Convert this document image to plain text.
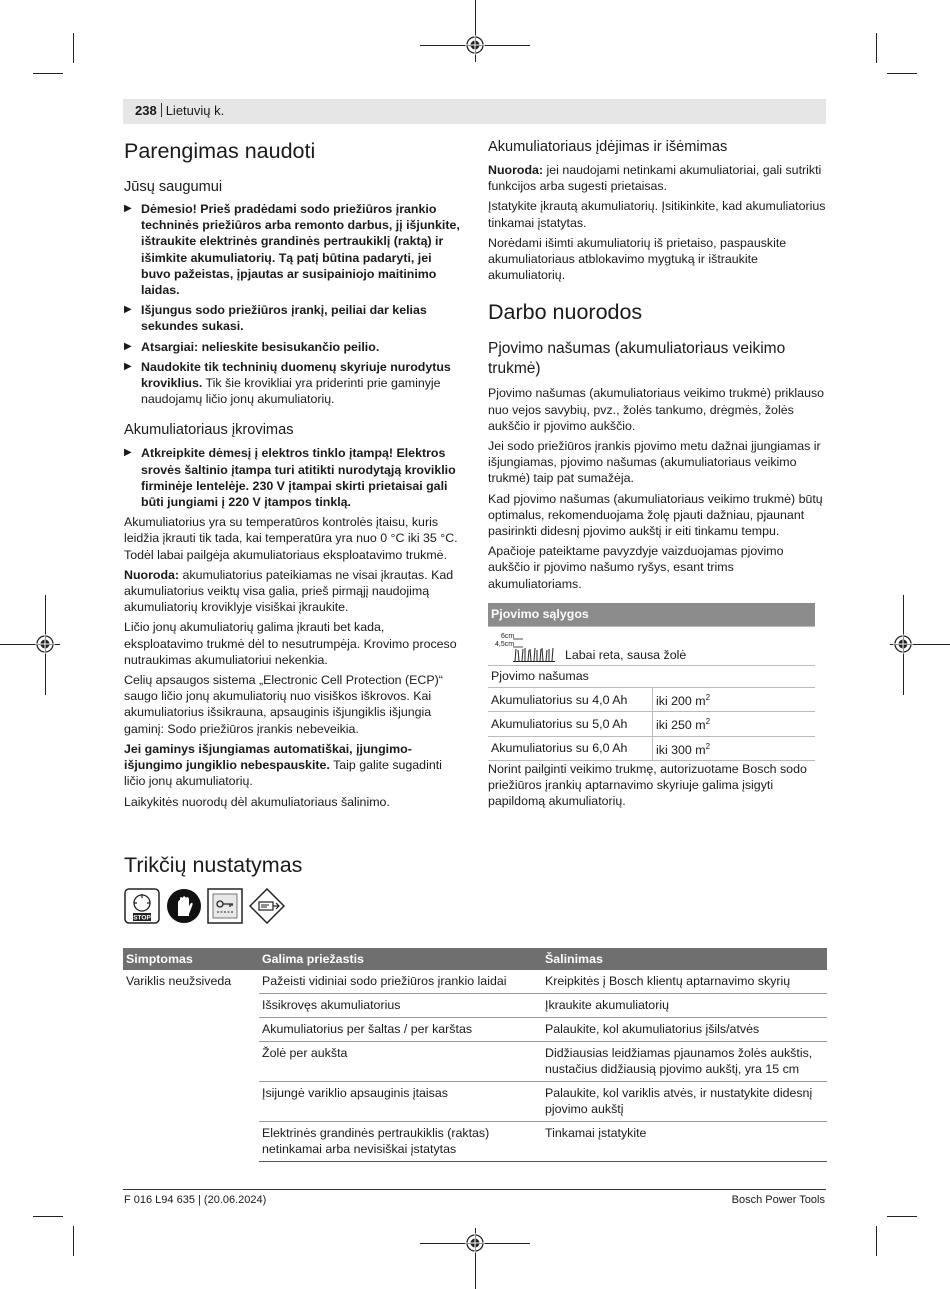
238 Lietuvių k.
Parengimas naudoti
Jūsų saugumui
▶ Dėmesio! Prieš pradėdami sodo priežiūros įrankio techninės priežiūros arba remonto darbus, jį išjunkite, ištraukite elektrinės grandinės pertraukiklį (raktą) ir išimkite akumuliatorių. Tą patį būtina padaryti, jei buvo pažeistas, įpjautas ar susipainiojo maitinimo laidas.
▶ Išjungus sodo priežiūros įrankį, peiliai dar kelias sekundes sukasi.
▶ Atsargiai: nelieskite besisukančio peilio.
▶ Naudokite tik techninių duomenų skyriuje nurodytus kroviklius. Tik šie krovikliai yra priderinti prie gaminyje naudojamų ličio jonų akumuliatorių.
Akumuliatoriaus įkrovimas
▶ Atkreipkite dėmesį į elektros tinklo įtampą! Elektros srovės šaltinio įtampa turi atitikti nurodytąją kroviklio firminėje lentelėje. 230 V įtampai skirti prietaisai gali būti jungiami į 220 V įtampos tinklą.

Akumuliatorius yra su temperatūros kontrolės įtaisu, kuris leidžia įkrauti tik tada, kai temperatūra yra nuo 0 °C iki 35 °C. Todėl labai pailgėja akumuliatoriaus eksploatavimo trukmė.

Nuoroda: akumuliatorius pateikiamas ne visai įkrautas. Kad akumuliatorius veiktų visa galia, prieš pirmąjį naudojimą akumuliatorių kroviklyje visiškai įkraukite.

Ličio jonų akumuliatorių galima įkrauti bet kada, eksploatavimo trukmė dėl to nesutrumpėja. Krovimo proceso nutraukimas akumuliatoriui nekenkia.

Celių apsaugos sistema „Electronic Cell Protection (ECP)“ saugo ličio jonų akumuliatorių nuo visiškos iškrovos. Kai akumuliatorius išsikrauna, apsauginis išjungiklis išjungia gaminį: Sodo priežiūros įrankis nebeveikia.

Jei gaminys išjungiamas automatiškai, įjungimo-išjungimo jungiklio nebespauskite. Taip galite sugadinti ličio jonų akumuliatorių.

Laikykitės nuorodų dėl akumuliatoriaus šalinimo.

Akumuliatoriaus įdėjimas ir išėmimas

Nuoroda: jei naudojami netinkami akumuliatoriai, gali sutrikti funkcijos arba sugesti prietaisas.

Įstatykite įkrautą akumuliatorių. Įsitikinkite, kad akumuliatorius tinkamai įstatytas.

Norėdami išimti akumuliatorių iš prietaiso, paspauskite akumuliatoriaus atblokavimo mygtuką ir ištraukite akumuliatorių.

Darbo nuorodos
Pjovimo našumas (akumuliatoriaus veikimo trukmė)

Pjovimo našumas (akumuliatoriaus veikimo trukmė) priklauso nuo vejos savybių, pvz., žolės tankumo, drėgmės, žolės aukščio ir pjovimo aukščio.

Jei sodo priežiūros įrankis pjovimo metu dažnai įjungiamas ir išjungiamas, pjovimo našumas (akumuliatoriaus veikimo trukmė) taip pat sumažėja.

Kad pjovimo našumas (akumuliatoriaus veikimo trukmė) būtų optimalus, rekomenduojama žolę pjauti dažniau, pjaunant pasirinkti didesnį pjovimo aukštį ir eiti tinkamu tempu.

Apačioje pateiktame pavyzdyje vaizduojamas pjovimo aukščio ir pjovimo našumo ryšys, esant trims akumuliatoriams.

Pjovimo sąlygos	

6cm
4,5cm
Labai reta, sausa žolė	
Pjovimo našumas	
Akumuliatorius su 4,0 Ah	iki 200 $m^2$
Akumuliatorius su 5,0 Ah	iki 250 $m^2$
Akumuliatorius su 6,0 Ah	iki 300 $m^2$

Norint pailginti veikimo trukmę, autorizuotame Bosch sodo priežiūros įrankių aptarnavimo skyriuje galima įsigyti papildomą akumuliatorių.

Trikčių nustatymas
STOP
Simptomas	Galima priežastis	Šalinimas
Variklis neužsiveda	Pažeisti vidiniai sodo priežiūros įrankio laidai	Kreipkitės į Bosch klientų aptarnavimo skyrių
	Išsikrovęs akumuliatorius	Įkraukite akumuliatorių
	Akumuliatorius per šaltas / per karštas	Palaukite, kol akumuliatorius įšils/atvės
	Žolė per aukšta	Didžiausias leidžiamas pjaunamos žolės aukštis, nustačius didžiausią pjovimo aukštį, yra 15 cm
	Įsijungė variklio apsauginis įtaisas	Palaukite, kol variklis atvės, ir nustatykite didesnį pjovimo aukštį
	Elektrinės grandinės pertraukiklis (raktas) netinkamai arba nevisiškai įstatytas	Tinkamai įstatykite
F 016 L94 635 | (20.06.2024)	Bosch Power Tools
